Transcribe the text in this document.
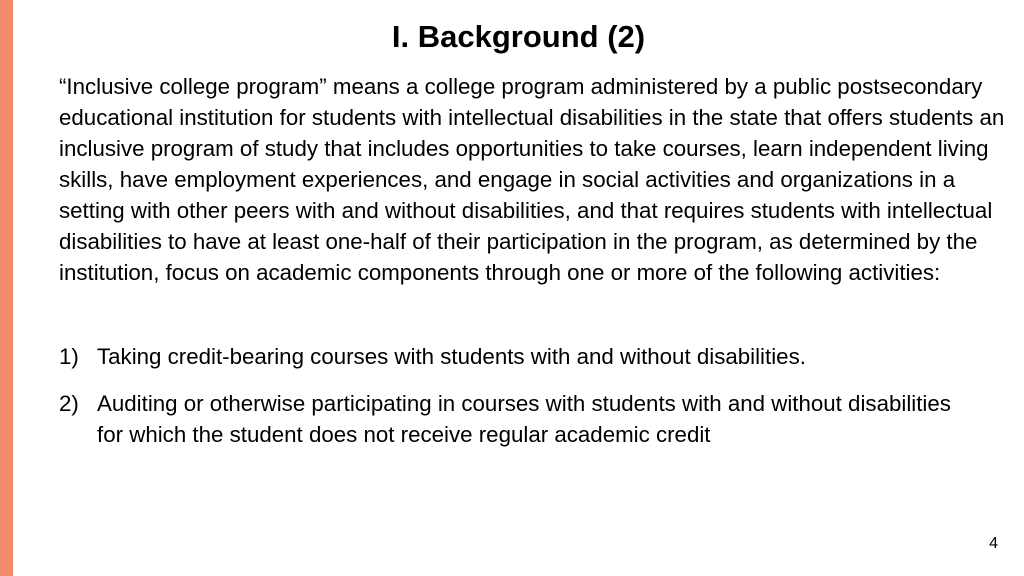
I. Background (2)
“Inclusive college program” means a college program administered by a public postsecondary educational institution for students with intellectual disabilities in the state that offers students an inclusive program of study that includes opportunities to take courses, learn independent living skills, have employment experiences, and engage in social activities and organizations in a setting with other peers with and without disabilities, and that requires students with intellectual disabilities to have at least one-half of their participation in the program, as determined by the institution, focus on academic components through one or more of the following activities:
1) Taking credit-bearing courses with students with and without disabilities.
2) Auditing or otherwise participating in courses with students with and without disabilities for which the student does not receive regular academic credit
4
